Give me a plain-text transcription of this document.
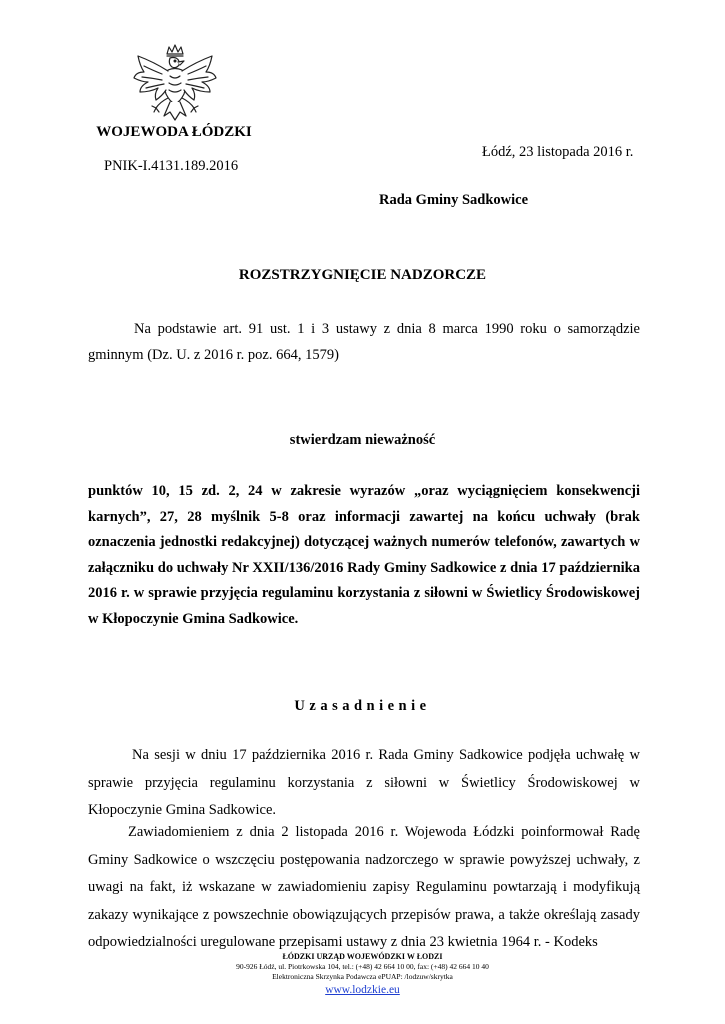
WOJEWODA ŁÓDZKI
PNIK-I.4131.189.2016
Łódź, 23 listopada 2016 r.
Rada Gminy Sadkowice
ROZSTRZYGNIĘCIE NADZORCZE
Na podstawie art. 91 ust. 1 i 3 ustawy z dnia 8 marca 1990 roku o samorządzie gminnym (Dz. U. z 2016 r. poz. 664, 1579)
stwierdzam nieważność
punktów 10, 15 zd. 2, 24 w zakresie wyrazów „oraz wyciągnięciem konsekwencji karnych”, 27, 28 myślnik 5-8 oraz informacji zawartej na końcu uchwały (brak oznaczenia jednostki redakcyjnej) dotyczącej ważnych numerów telefonów, zawartych w załączniku do uchwały Nr XXII/136/2016 Rady Gminy Sadkowice z dnia 17 października 2016 r. w sprawie przyjęcia regulaminu korzystania z siłowni w Świetlicy Środowiskowej w Kłopoczynie Gmina Sadkowice.
Uzasadnienie
Na sesji w dniu 17 października 2016 r. Rada Gminy Sadkowice podjęła uchwałę w sprawie przyjęcia regulaminu korzystania z siłowni w Świetlicy Środowiskowej w Kłopoczynie Gmina Sadkowice.
Zawiadomieniem z dnia 2 listopada 2016 r. Wojewoda Łódzki poinformował Radę Gminy Sadkowice o wszczęciu postępowania nadzorczego w sprawie powyższej uchwały, z uwagi na fakt, iż wskazane w zawiadomieniu zapisy Regulaminu powtarzają i modyfikują zakazy wynikające z powszechnie obowiązujących przepisów prawa, a także określają zasady odpowiedzialności uregulowane przepisami ustawy z dnia 23 kwietnia 1964 r. - Kodeks
ŁÓDZKI URZĄD WOJEWÓDZKI W ŁODZI
90-926 Łódź, ul. Piotrkowska 104, tel.: (+48) 42 664 10 00, fax: (+48) 42 664 10 40
Elektroniczna Skrzynka Podawcza ePUAP: /lodzuw/skrytka
www.lodzkie.eu
